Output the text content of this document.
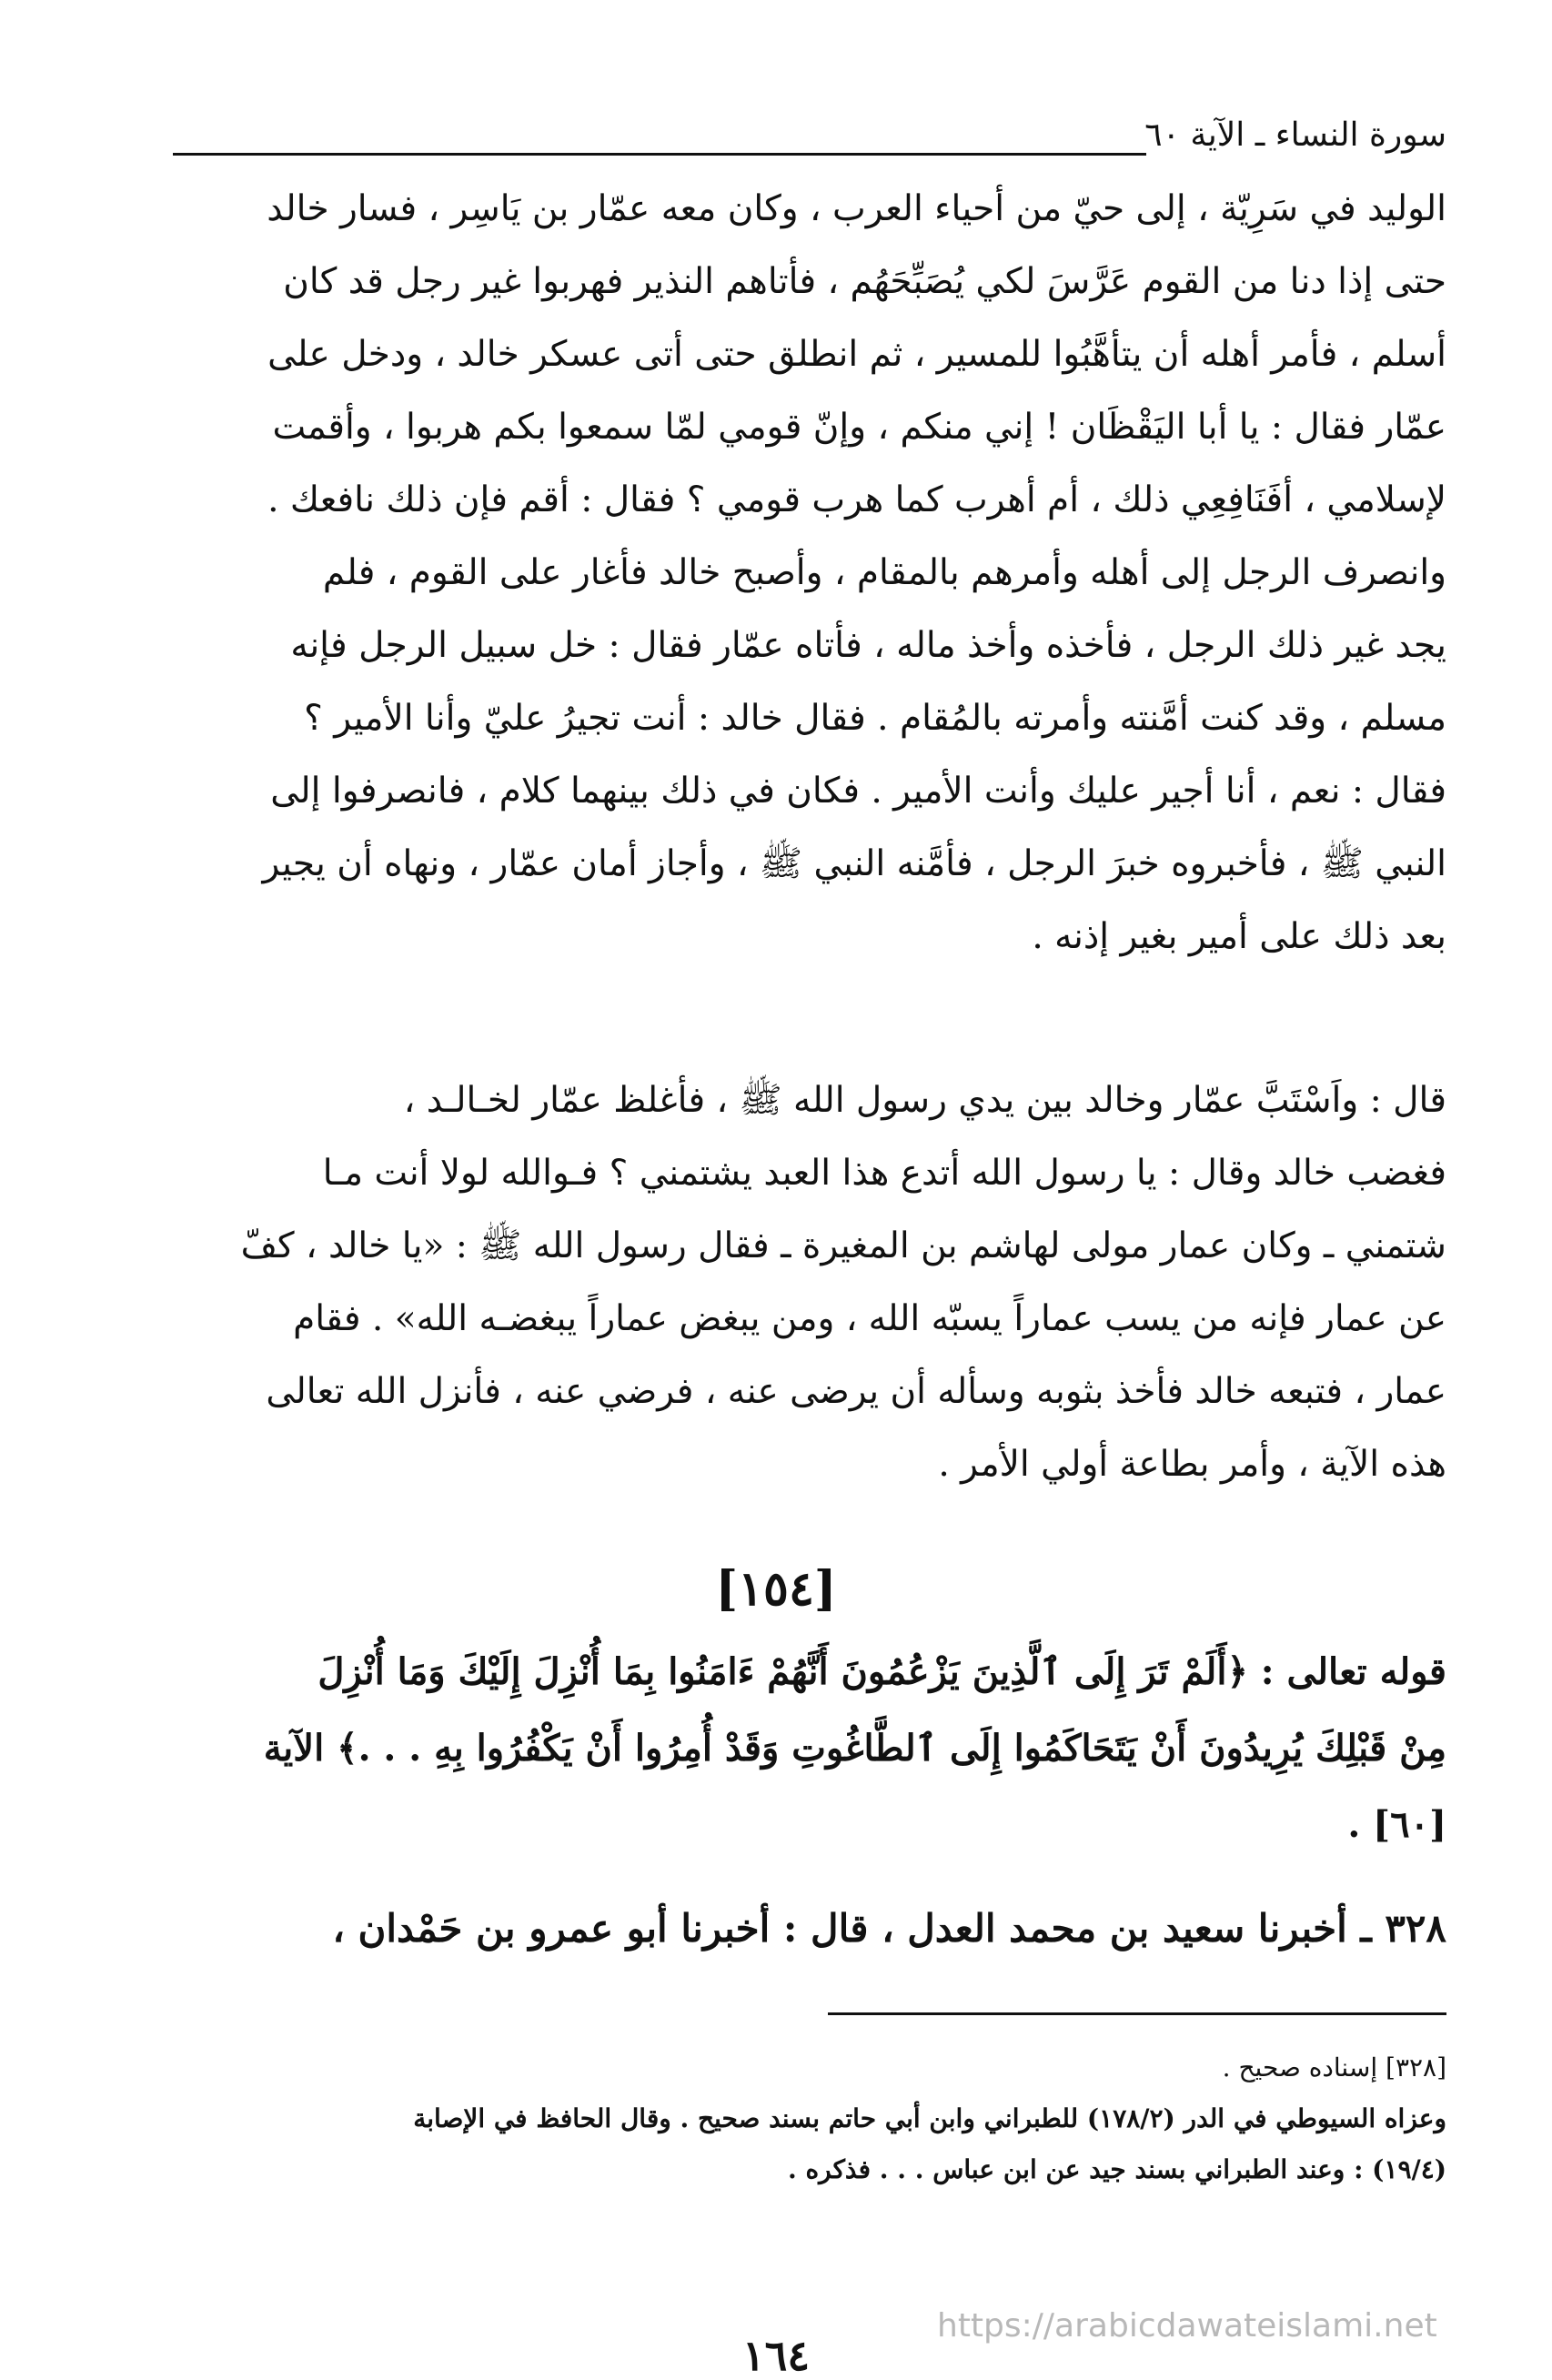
سورة النساء ـ الآية ٦٠
الوليد في سَرِيّة ، إلى حيّ من أحياء العرب ، وكان معه عمّار بن يَاسِر ، فسار خالد
حتى إذا دنا من القوم عَرَّسَ لكي يُصَبِّحَهُم ، فأتاهم النذير فهربوا غير رجل قد كان
أسلم ، فأمر أهله أن يتأهَّبُوا للمسير ، ثم انطلق حتى أتى عسكر خالد ، ودخل على
عمّار فقال : يا أبا اليَقْظَان ! إني منكم ، وإنّ قومي لمّا سمعوا بكم هربوا ، وأقمت
لإسلامي ، أفَنَافِعِي ذلك ، أم أهرب كما هرب قومي ؟ فقال : أقم فإن ذلك نافعك .
وانصرف الرجل إلى أهله وأمرهم بالمقام ، وأصبح خالد فأغار على القوم ، فلم
يجد غير ذلك الرجل ، فأخذه وأخذ ماله ، فأتاه عمّار فقال : خل سبيل الرجل فإنه
مسلم ، وقد كنت أمَّنته وأمرته بالمُقام . فقال خالد : أنت تجيرُ عليّ وأنا الأمير ؟
فقال : نعم ، أنا أجير عليك وأنت الأمير . فكان في ذلك بينهما كلام ، فانصرفوا إلى
النبي ﷺ ، فأخبروه خبرَ الرجل ، فأمَّنه النبي ﷺ ، وأجاز أمان عمّار ، ونهاه أن يجير
بعد ذلك على أمير بغير إذنه .
قال : واَسْتَبَّ عمّار وخالد بين يدي رسول الله ﷺ ، فأغلظ عمّار لخـالـد ،
فغضب خالد وقال : يا رسول الله أتدع هذا العبد يشتمني ؟ فـوالله لولا أنت مـا
شتمني ـ وكان عمار مولى لهاشم بن المغيرة ـ فقال رسول الله ﷺ : «يا خالد ، كفّ
عن عمار فإنه من يسب عماراً يسبّه الله ، ومن يبغض عماراً يبغضـه الله» . فقام
عمار ، فتبعه خالد فأخذ بثوبه وسأله أن يرضى عنه ، فرضي عنه ، فأنزل الله تعالى
هذه الآية ، وأمر بطاعة أولي الأمر .
[١٥٤]
قوله تعالى : ﴿أَلَمْ تَرَ إِلَى ٱلَّذِينَ يَزْعُمُونَ أَنَّهُمْ ءَامَنُوا بِمَا أُنْزِلَ إِلَيْكَ وَمَا أُنْزِلَ
مِنْ قَبْلِكَ يُرِيدُونَ أَنْ يَتَحَاكَمُوا إِلَى ٱلطَّاغُوتِ وَقَدْ أُمِرُوا أَنْ يَكْفُرُوا بِهِ . . .﴾ الآية
[٦٠] .
٣٢٨ ـ أخبرنا سعيد بن محمد العدل ، قال : أخبرنا أبو عمرو بن حَمْدان ،
[٣٢٨] إسناده صحيح .
وعزاه السيوطي في الدر (١٧٨/٢) للطبراني وابن أبي حاتم بسند صحيح . وقال الحافظ في الإصابة
(١٩/٤) : وعند الطبراني بسند جيد عن ابن عباس . . . فذكره .
https://arabicdawateislami.net
١٦٤
